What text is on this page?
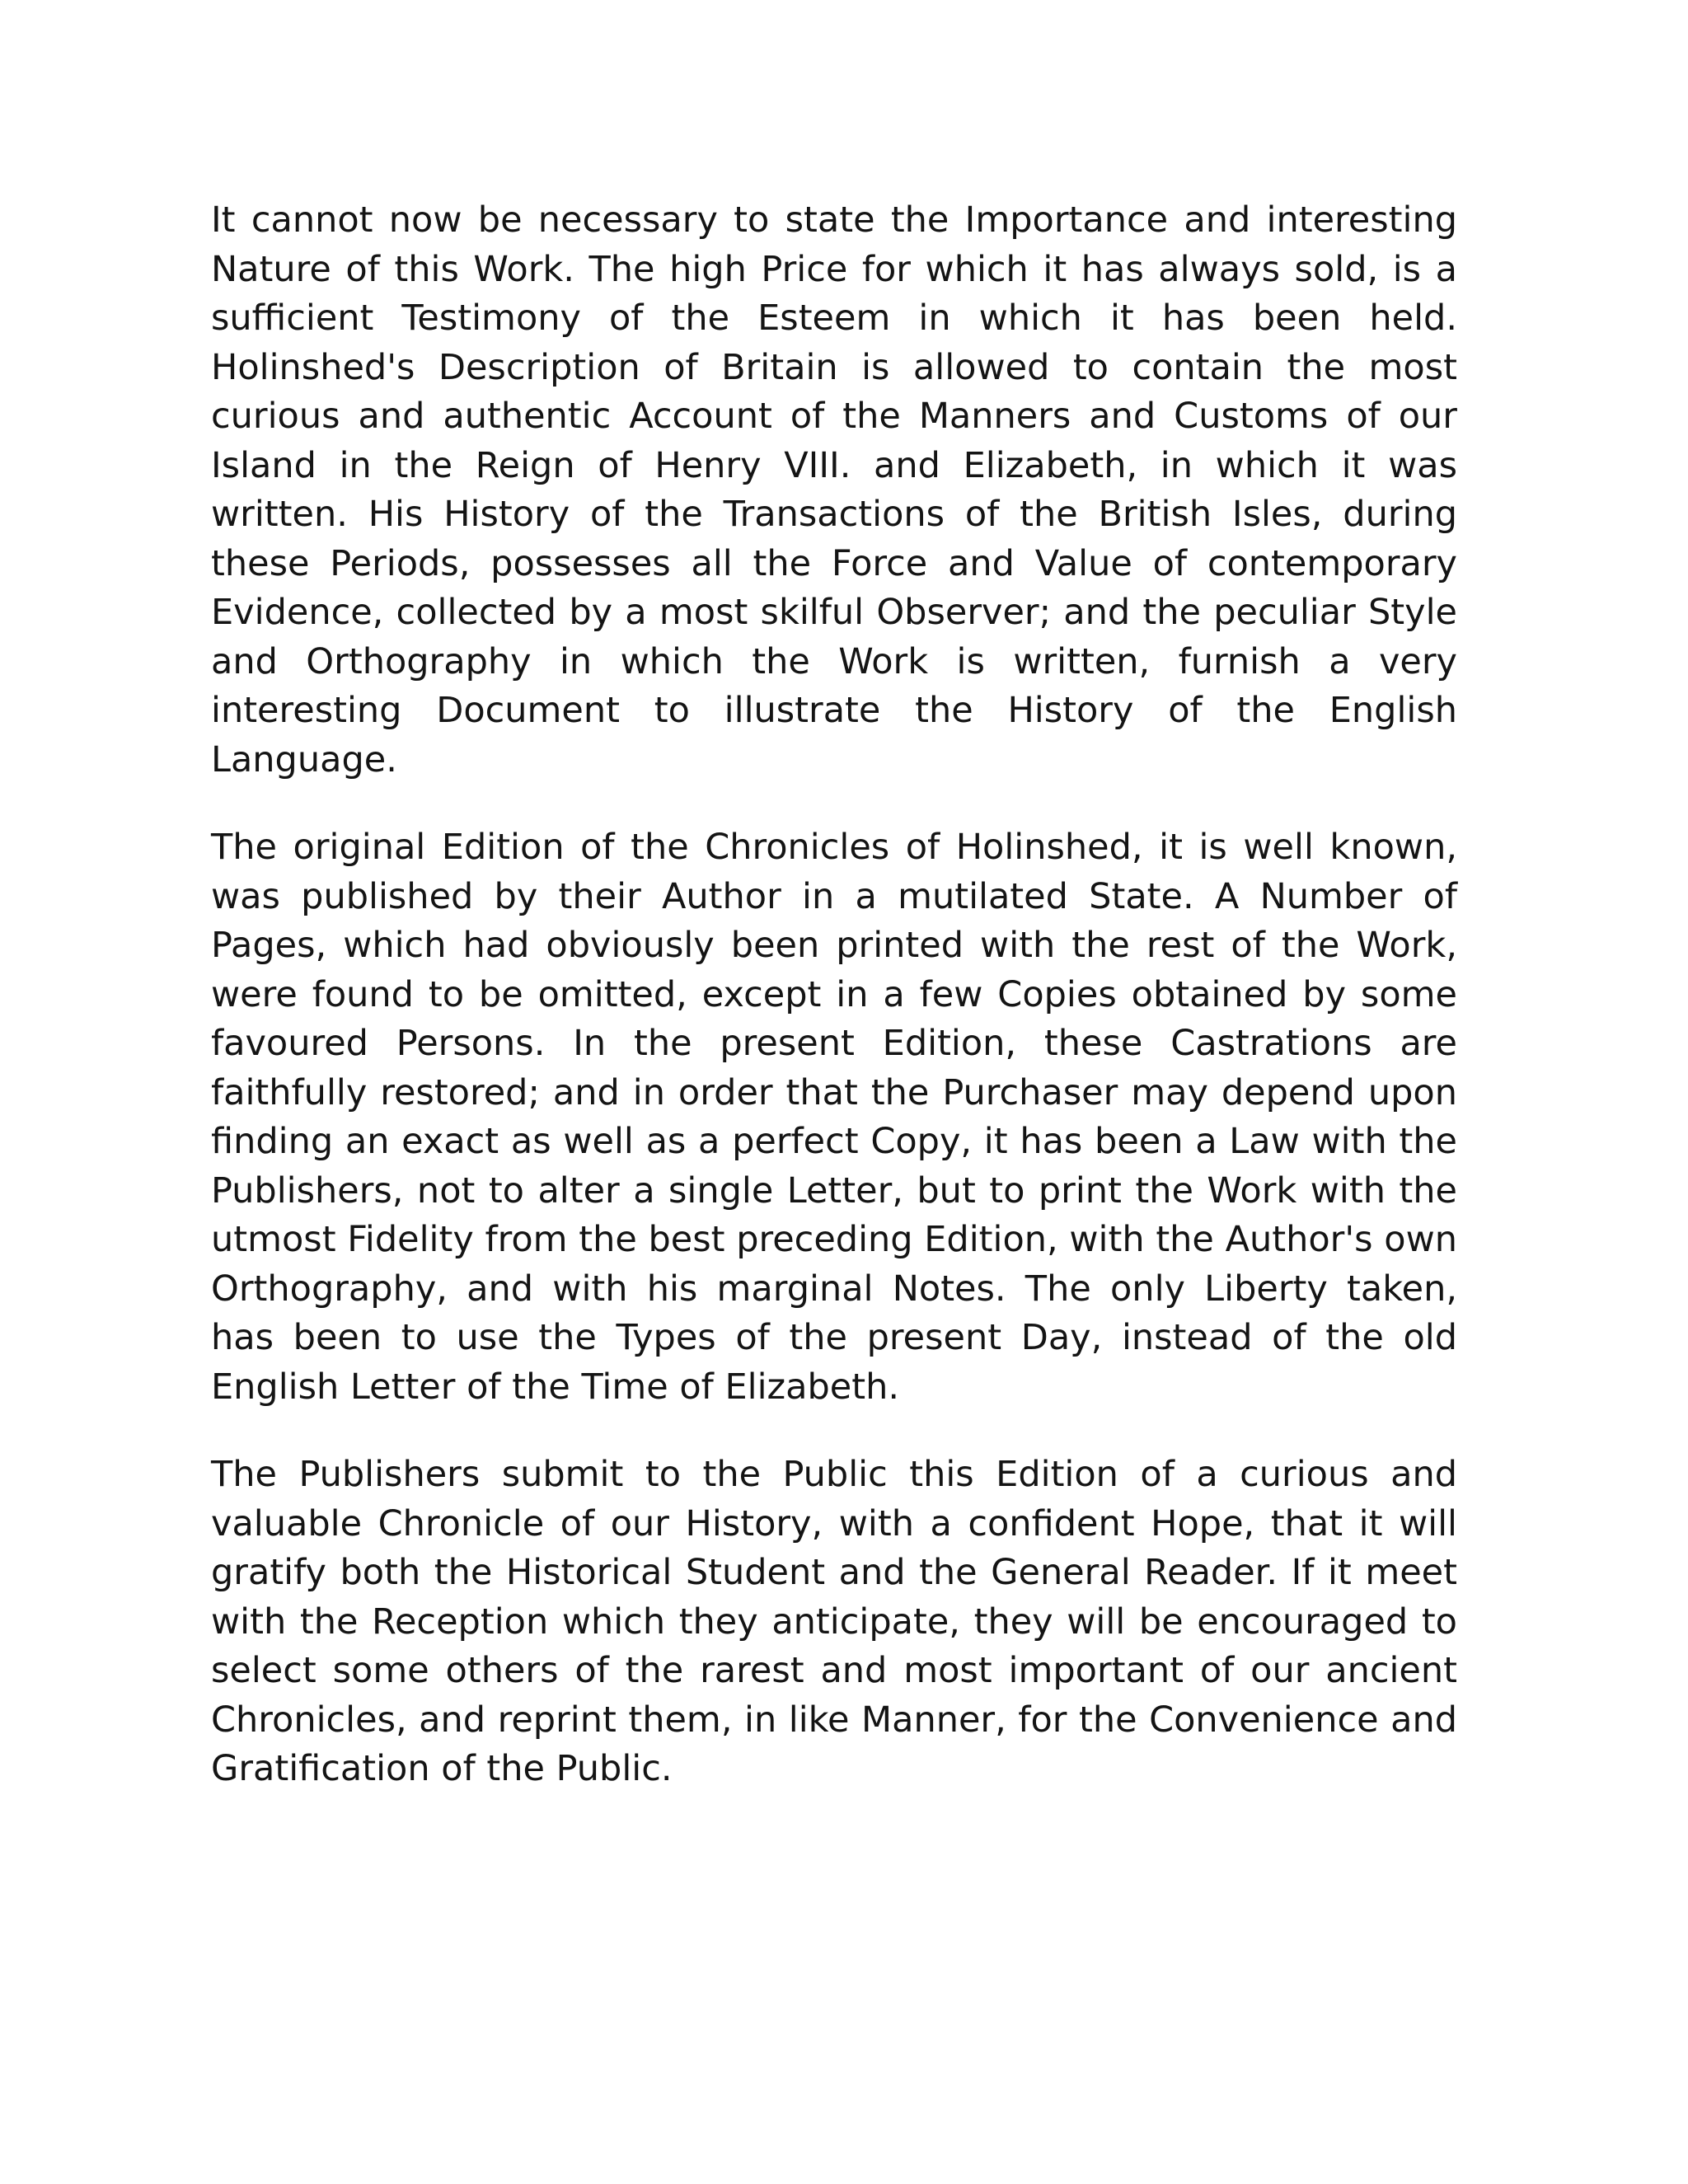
It cannot now be necessary to state the Importance and interesting Nature of this Work. The high Price for which it has always sold, is a sufficient Testimony of the Esteem in which it has been held. Holinshed's Description of Britain is allowed to contain the most curious and authentic Account of the Manners and Customs of our Island in the Reign of Henry VIII. and Elizabeth, in which it was written. His History of the Transactions of the British Isles, during these Periods, possesses all the Force and Value of contemporary Evidence, collected by a most skilful Observer; and the peculiar Style and Orthography in which the Work is written, furnish a very interesting Document to illustrate the History of the English Language.

The original Edition of the Chronicles of Holinshed, it is well known, was published by their Author in a mutilated State. A Number of Pages, which had obviously been printed with the rest of the Work, were found to be omitted, except in a few Copies obtained by some favoured Persons. In the present Edition, these Castrations are faithfully restored; and in order that the Purchaser may depend upon finding an exact as well as a perfect Copy, it has been a Law with the Publishers, not to alter a single Letter, but to print the Work with the utmost Fidelity from the best preceding Edition, with the Author's own Orthography, and with his marginal Notes. The only Liberty taken, has been to use the Types of the present Day, instead of the old English Letter of the Time of Elizabeth.

The Publishers submit to the Public this Edition of a curious and valuable Chronicle of our History, with a confident Hope, that it will gratify both the Historical Student and the General Reader. If it meet with the Reception which they anticipate, they will be encouraged to select some others of the rarest and most important of our ancient Chronicles, and reprint them, in like Manner, for the Convenience and Gratification of the Public.
